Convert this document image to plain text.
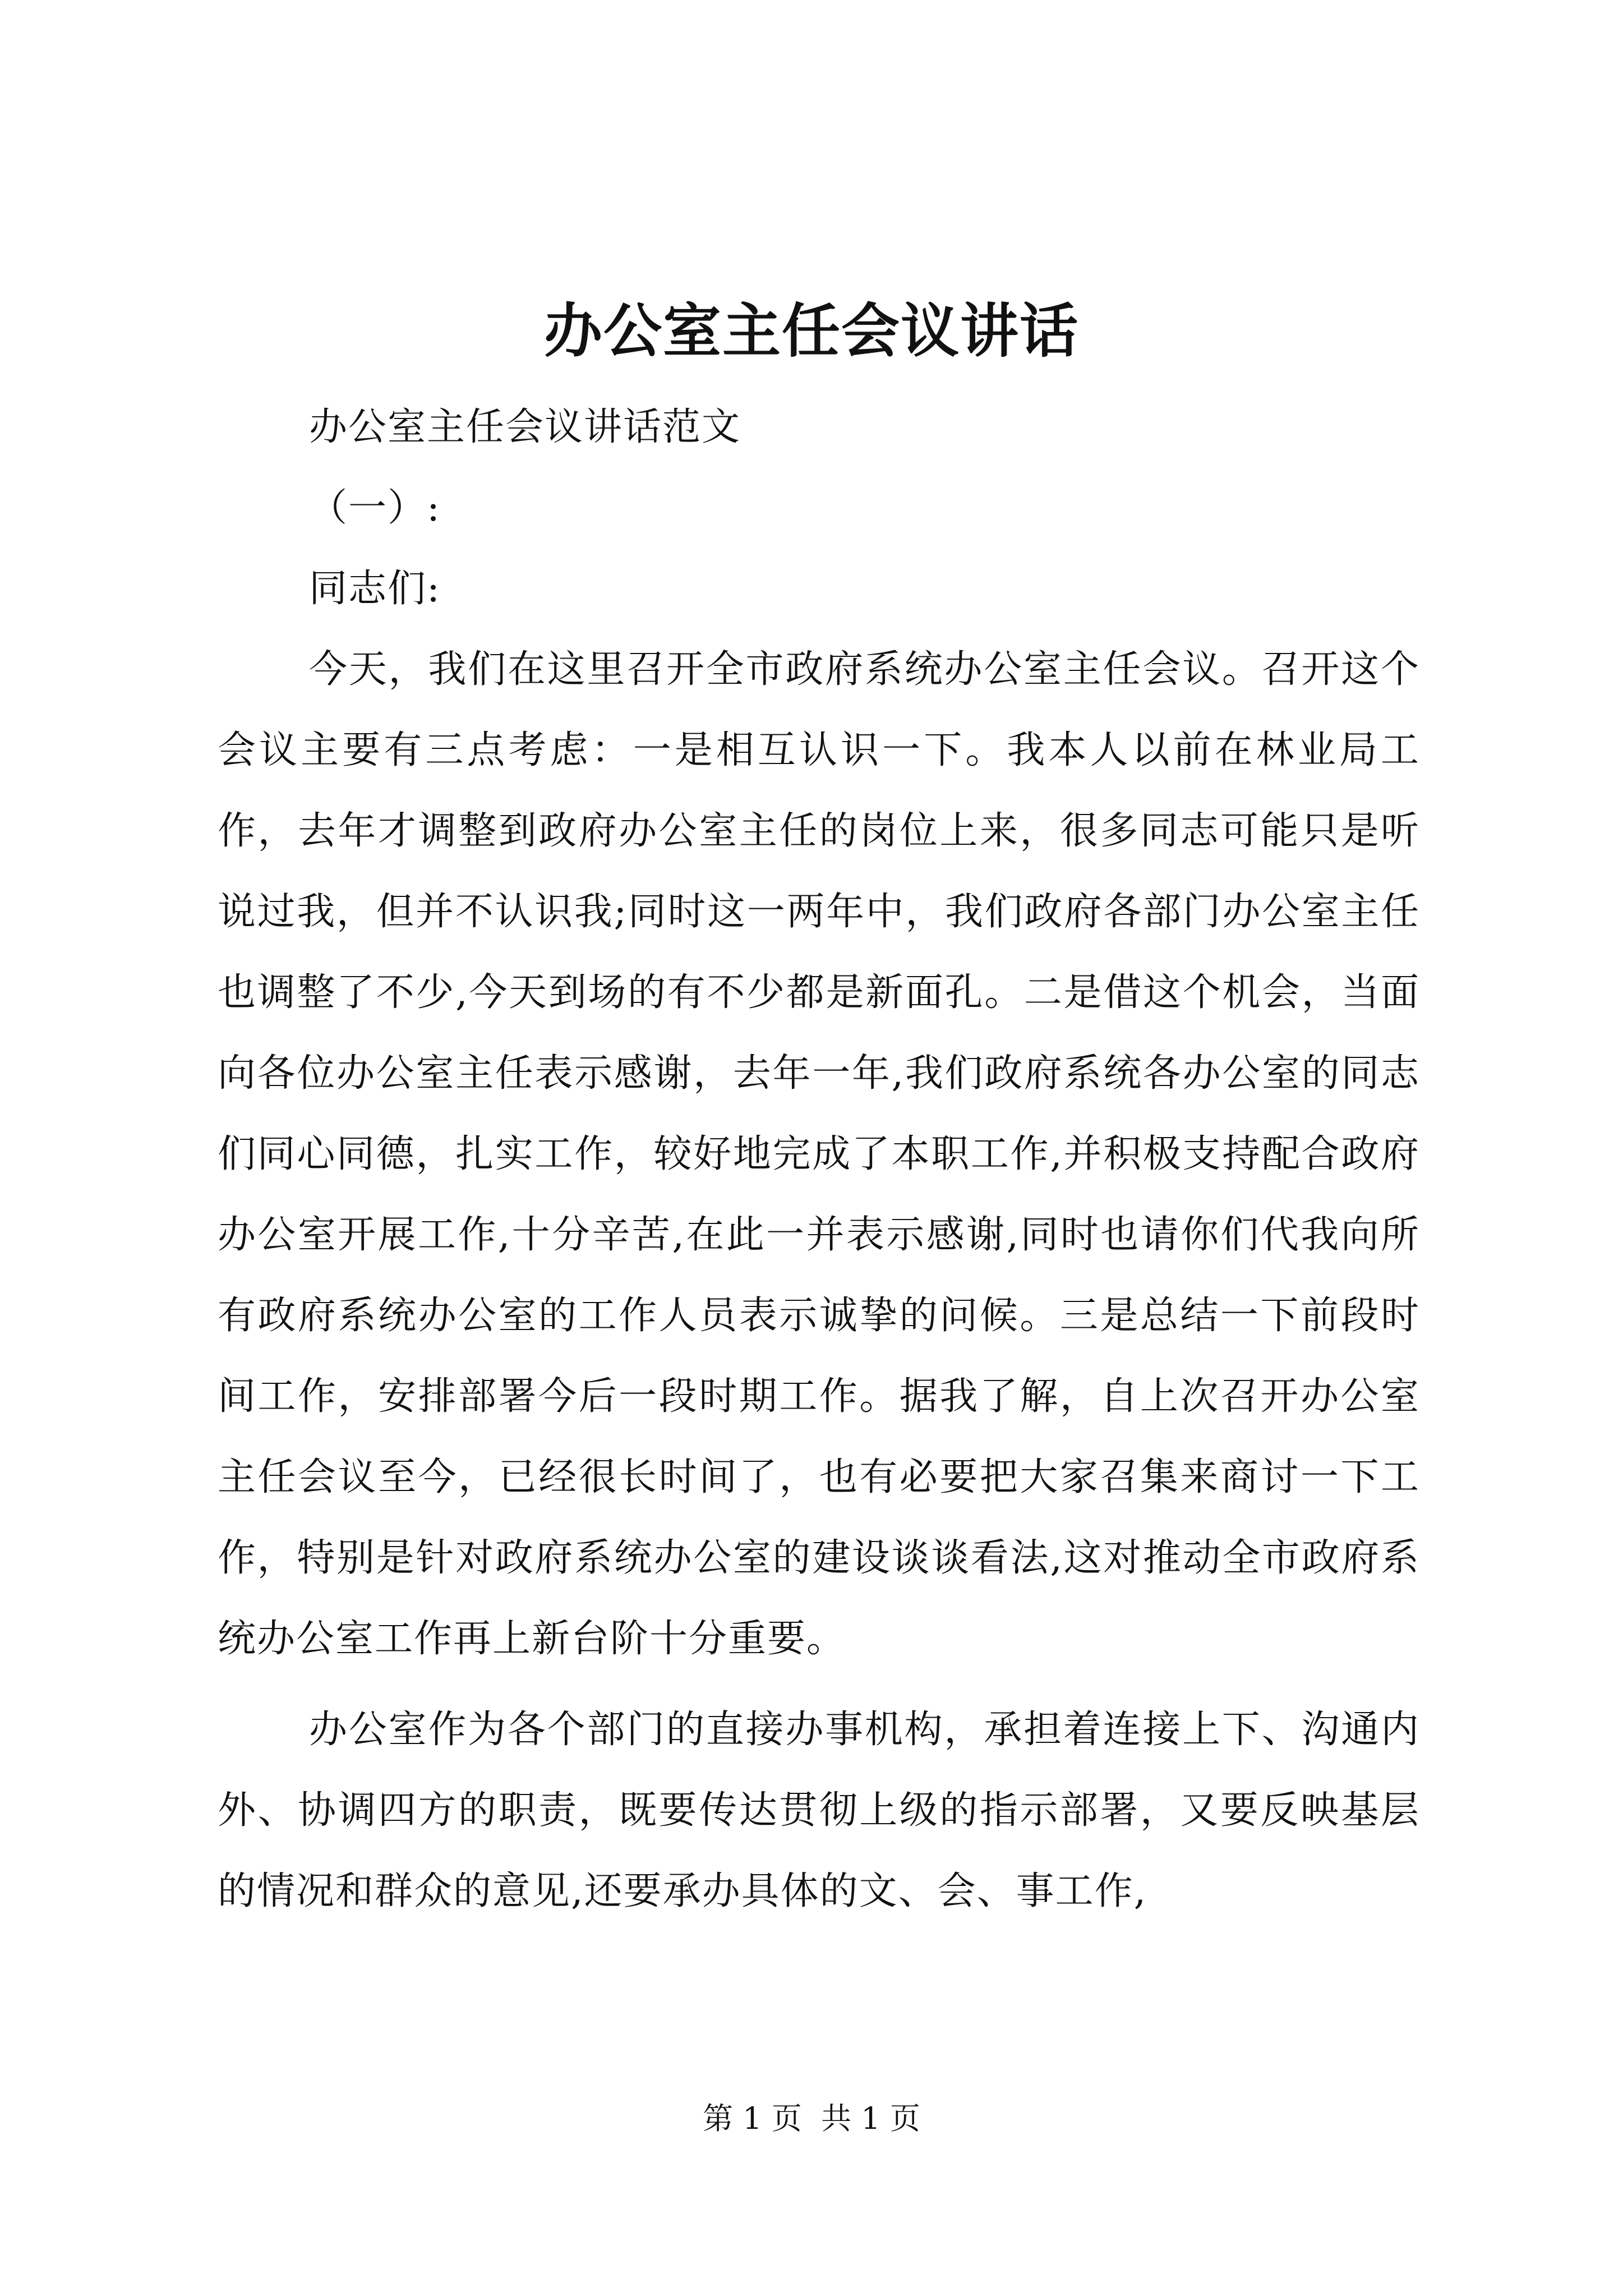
办公室主任会议讲话

办公室主任会议讲话范文

（一）:

同志们:

今天，我们在这里召开全市政府系统办公室主任会议。召开这个会议主要有三点考虑：一是相互认识一下。我本人以前在林业局工作，去年才调整到政府办公室主任的岗位上来，很多同志可能只是听说过我，但并不认识我;同时这一两年中，我们政府各部门办公室主任也调整了不少,今天到场的有不少都是新面孔。二是借这个机会，当面向各位办公室主任表示感谢，去年一年,我们政府系统各办公室的同志们同心同德，扎实工作，较好地完成了本职工作,并积极支持配合政府办公室开展工作,十分辛苦,在此一并表示感谢,同时也请你们代我向所有政府系统办公室的工作人员表示诚挚的问候。三是总结一下前段时间工作，安排部署今后一段时期工作。据我了解，自上次召开办公室主任会议至今，已经很长时间了，也有必要把大家召集来商讨一下工作，特别是针对政府系统办公室的建设谈谈看法,这对推动全市政府系统办公室工作再上新台阶十分重要。

办公室作为各个部门的直接办事机构，承担着连接上下、沟通内外、协调四方的职责，既要传达贯彻上级的指示部署，又要反映基层的情况和群众的意见,还要承办具体的文、会、事工作,

第 1 页  共 1 页
